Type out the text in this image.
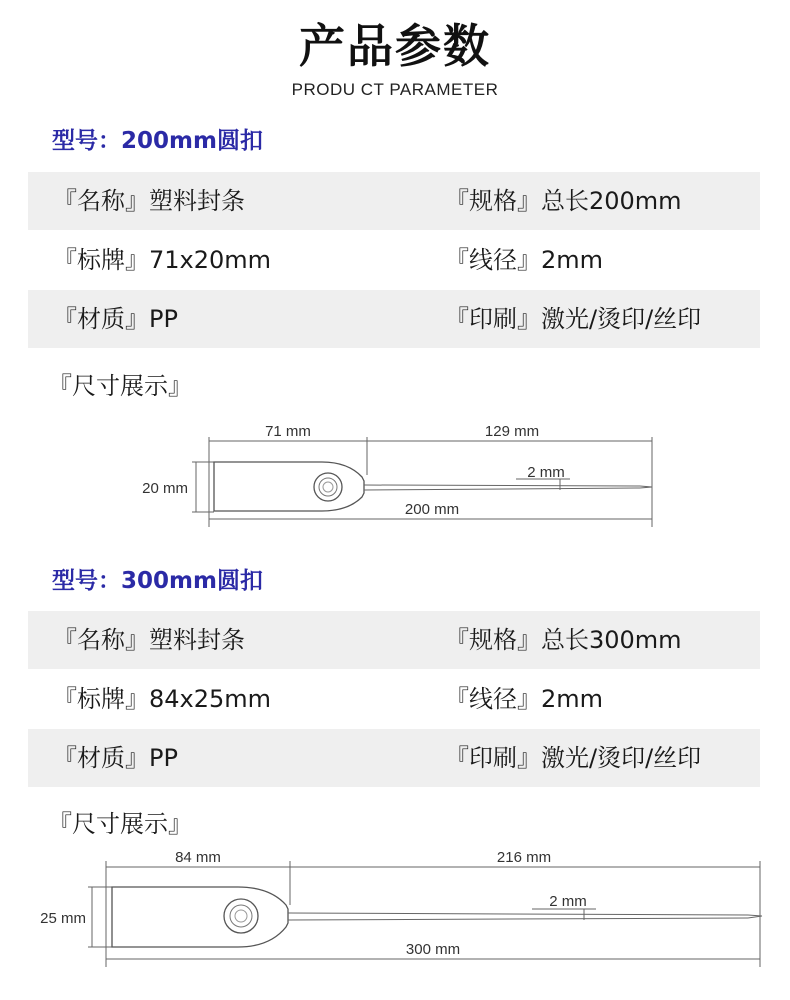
产品参数
PRODU CT PARAMETER
型号：200mm圆扣
『名称』塑料封条	『规格』总长200mm
『标牌』71x20mm	『线径』2mm
『材质』PP	『印刷』激光/烫印/丝印
『尺寸展示』
71 mm	129 mm
20 mm
2 mm
200 mm
型号：300mm圆扣
『名称』塑料封条	『规格』总长300mm
『标牌』84x25mm	『线径』2mm
『材质』PP	『印刷』激光/烫印/丝印
『尺寸展示』
84 mm	216 mm
25 mm
2 mm
300 mm
